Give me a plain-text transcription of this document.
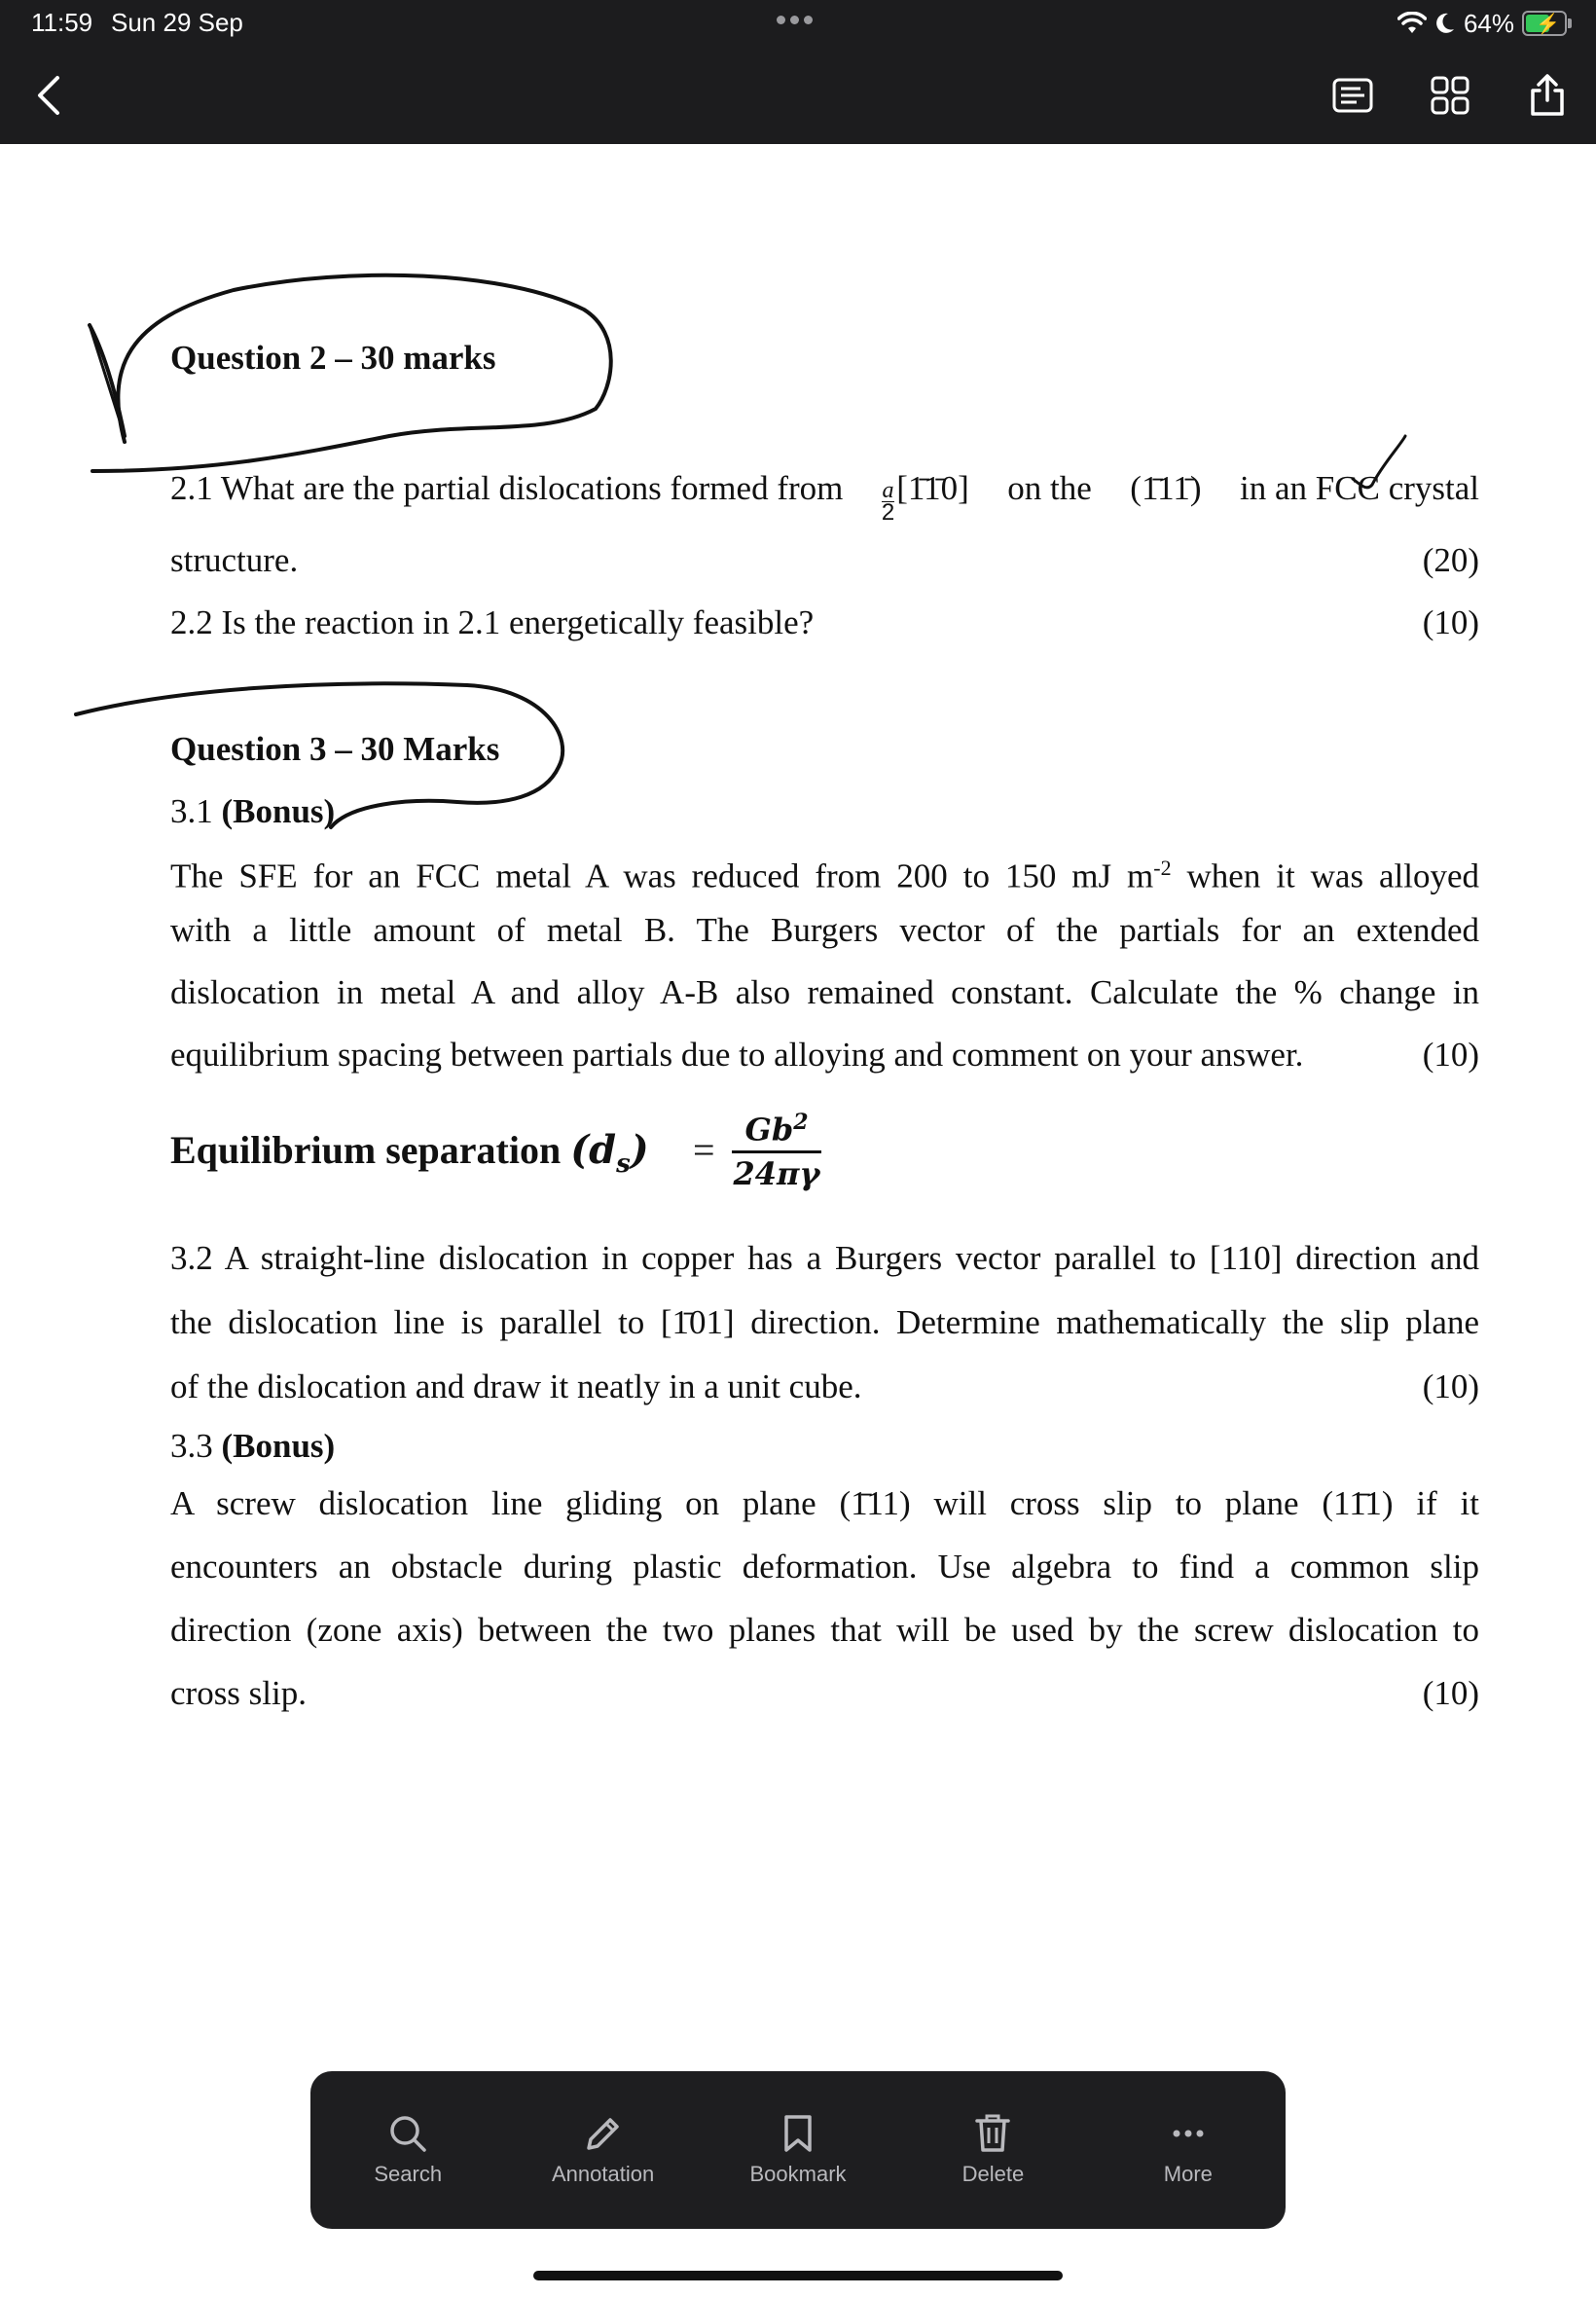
11:59 Sun 29 Sep	64% ⚡
Question 2 – 30 marks
2.1 What are the partial dislocations formed from $\frac{a}{2}$ [1̄1̄0] on the (1̄11̄) in an FCC crystal
structure.	(20)
2.2 Is the reaction in 2.1 energetically feasible?	(10)
Question 3 – 30 Marks
3.1 (Bonus)
The SFE for an FCC metal A was reduced from 200 to 150 mJ $m^{-2}$ when it was alloyed
with a little amount of metal B. The Burgers vector of the partials for an extended
dislocation in metal A and alloy A-B also remained constant. Calculate the % change in
equilibrium spacing between partials due to alloying and comment on your answer.	(10)
Equilibrium separation $(d_s) = \frac{Gb^2}{24\pi\gamma}$
3.2 A straight-line dislocation in copper has a Burgers vector parallel to [110] direction and
the dislocation line is parallel to [1̄01] direction. Determine mathematically the slip plane
of the dislocation and draw it neatly in a unit cube.	(10)
3.3 (Bonus)
A screw dislocation line gliding on plane (1̄11) will cross slip to plane (11̄1) if it
encounters an obstacle during plastic deformation. Use algebra to find a common slip
direction (zone axis) between the two planes that will be used by the screw dislocation to
cross slip.	(10)
Search	Annotation	Bookmark	Delete	More
